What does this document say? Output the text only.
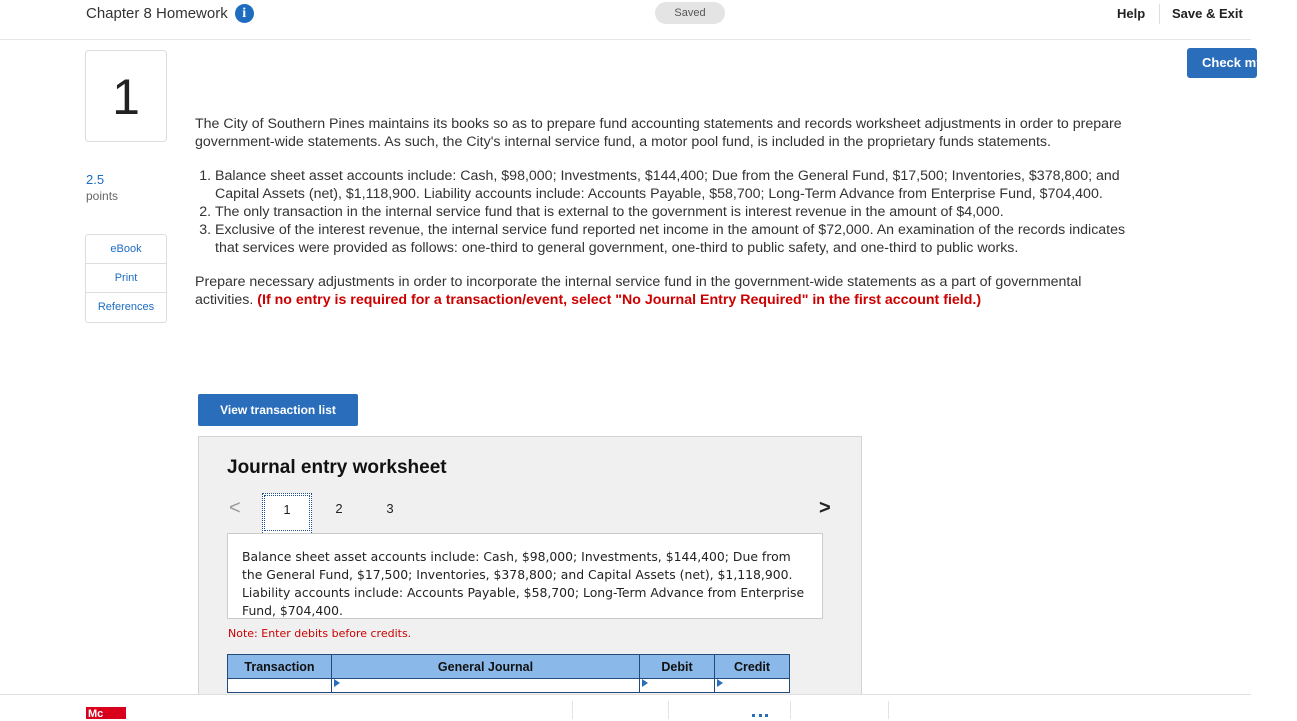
Chapter 8 Homework	i	Saved	Help Save & Exit
Check my work
1
2.5
points
eBook
Print
References

The City of Southern Pines maintains its books so as to prepare fund accounting statements and records worksheet adjustments in order to prepare government-wide statements. As such, the City's internal service fund, a motor pool fund, is included in the proprietary funds statements.

1. Balance sheet asset accounts include: Cash, $98,000; Investments, $144,400; Due from the General Fund, $17,500; Inventories, $378,800; and Capital Assets (net), $1,118,900. Liability accounts include: Accounts Payable, $58,700; Long-Term Advance from Enterprise Fund, $704,400.
2. The only transaction in the internal service fund that is external to the government is interest revenue in the amount of $4,000.
3. Exclusive of the interest revenue, the internal service fund reported net income in the amount of $72,000. An examination of the records indicates that services were provided as follows: one-third to general government, one-third to public safety, and one-third to public works.

Prepare necessary adjustments in order to incorporate the internal service fund in the government-wide statements as a part of governmental activities. (If no entry is required for a transaction/event, select "No Journal Entry Required" in the first account field.)

View transaction list
Journal entry worksheet
<	1	2	3	>
Balance sheet asset accounts include: Cash, $98,000; Investments, $144,400; Due from the General Fund, $17,500; Inventories, $378,800; and Capital Assets (net), $1,118,900. Liability accounts include: Accounts Payable, $58,700; Long-Term Advance from Enterprise Fund, $704,400.
Note: Enter debits before credits.
Transaction	General Journal	Debit	Credit

Mc
